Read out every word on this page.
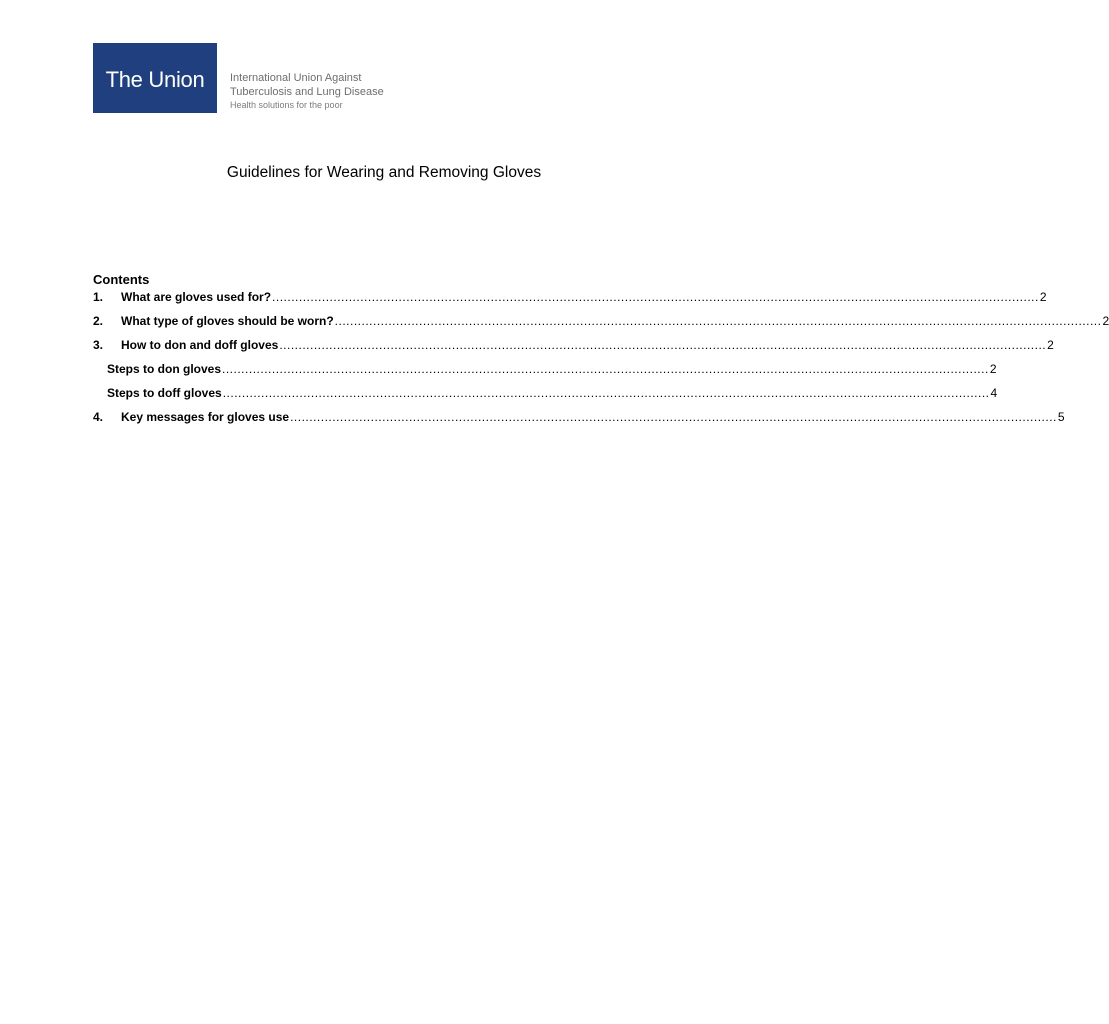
The Union International Union Against
Tuberculosis and Lung Disease
Health solutions for the poor
Guidelines for Wearing and Removing Gloves
Contents
1.	What are gloves used for? ........................................................................................................................................................................................................ 2
2.	What type of gloves should be worn? ........................................................................................................................................................................................................ 2
3.	How to don and doff gloves ........................................................................................................................................................................................................ 2
Steps to don gloves ........................................................................................................................................................................................................ 2
Steps to doff gloves ........................................................................................................................................................................................................ 4
4.	Key messages for gloves use ........................................................................................................................................................................................................ 5
